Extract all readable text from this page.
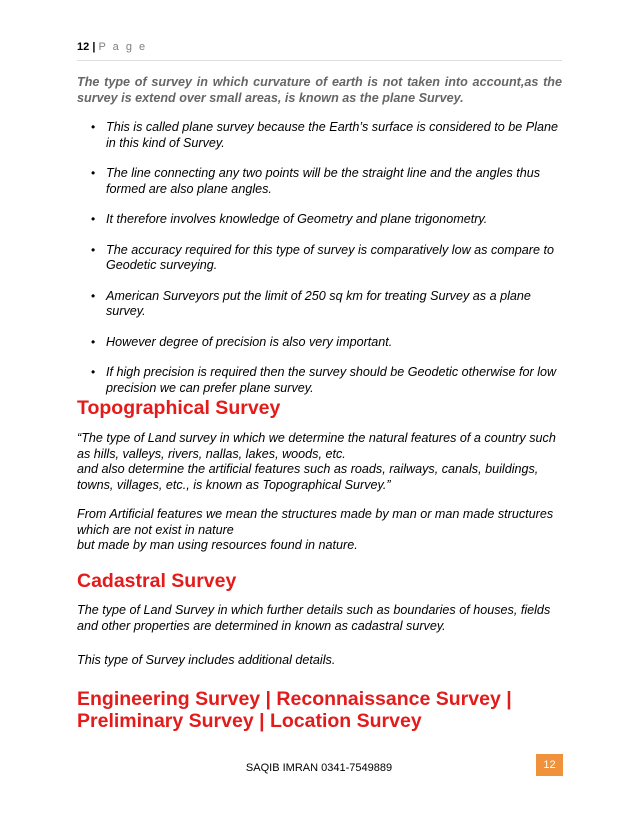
12 | P a g e

The type of survey in which curvature of earth is not taken into account,as the survey is extend over small areas, is known as the plane Survey.

• This is called plane survey because the Earth’s surface is considered to be Plane in this kind of Survey.
• The line connecting any two points will be the straight line and the angles thus formed are also plane angles.
• It therefore involves knowledge of Geometry and plane trigonometry.
• The accuracy required for this type of survey is comparatively low as compare to Geodetic surveying.
• American Surveyors put the limit of 250 sq km for treating Survey as a plane survey.
• However degree of precision is also very important.
• If high precision is required then the survey should be Geodetic otherwise for low precision we can prefer plane survey.
Topographical Survey
“The type of Land survey in which we determine the natural features of a country such
as hills, valleys, rivers, nallas, lakes, woods, etc.
and also determine the artificial features such as roads, railways, canals, buildings,
towns, villages, etc., is known as Topographical Survey.”
From Artificial features we mean the structures made by man or man made structures
which are not exist in nature
but made by man using resources found in nature.
Cadastral Survey

The type of Land Survey in which further details such as boundaries of houses, fields and other properties are determined in known as cadastral survey.

This type of Survey includes additional details.

Engineering Survey | Reconnaissance Survey |
Preliminary Survey | Location Survey
SAQIB IMRAN 0341-7549889	12
